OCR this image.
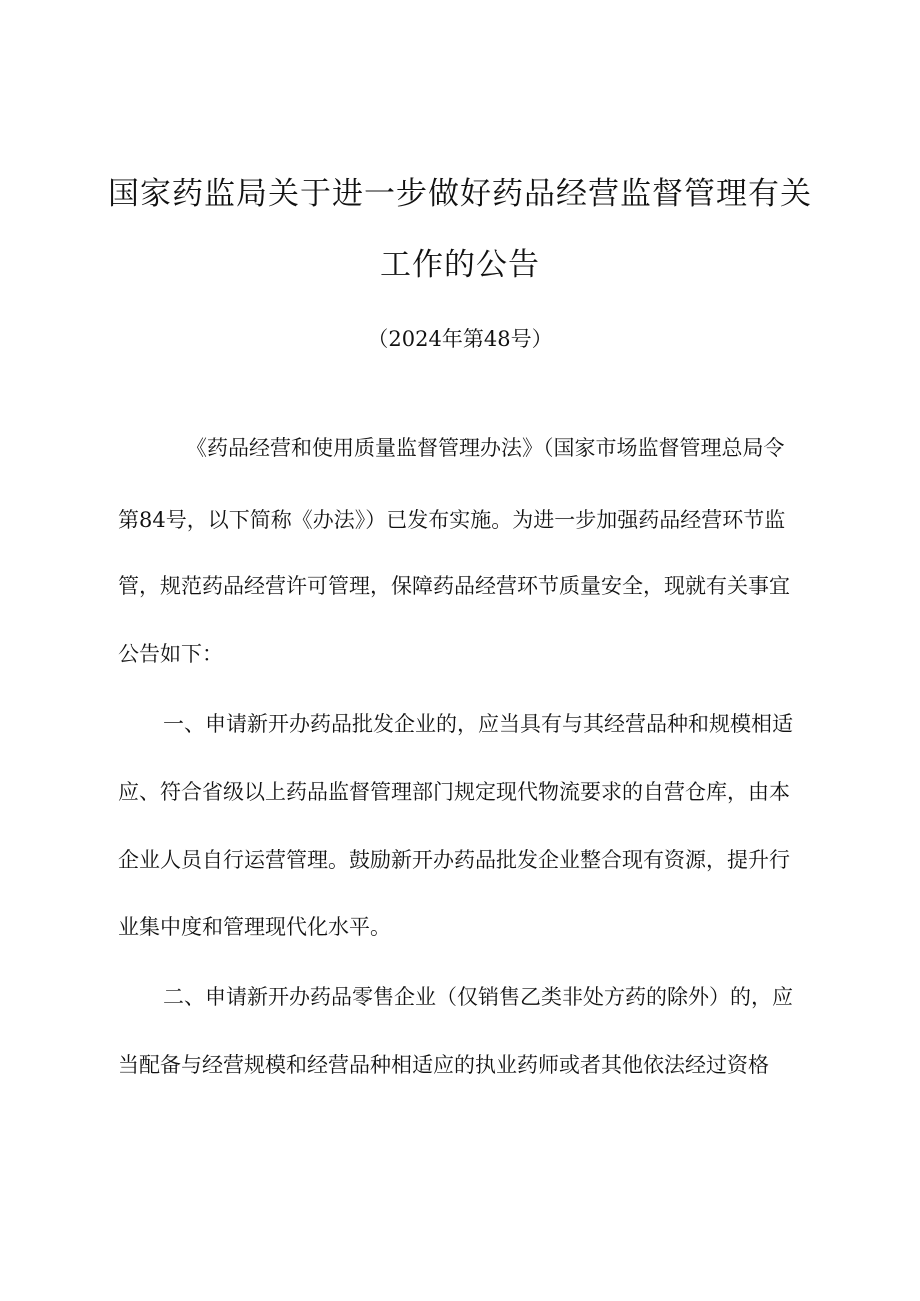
国家药监局关于进一步做好药品经营监督管理有关
工作的公告
（2024年第48号）

《药品经营和使用质量监督管理办法》（国家市场监督管理总局令

第84号，以下简称《办法》）已发布实施。为进一步加强药品经营环节监

管，规范药品经营许可管理，保障药品经营环节质量安全，现就有关事宜

公告如下：

一、申请新开办药品批发企业的，应当具有与其经营品种和规模相适

应、符合省级以上药品监督管理部门规定现代物流要求的自营仓库，由本

企业人员自行运营管理。鼓励新开办药品批发企业整合现有资源，提升行

业集中度和管理现代化水平。

二、申请新开办药品零售企业（仅销售乙类非处方药的除外）的，应

当配备与经营规模和经营品种相适应的执业药师或者其他依法经过资格
